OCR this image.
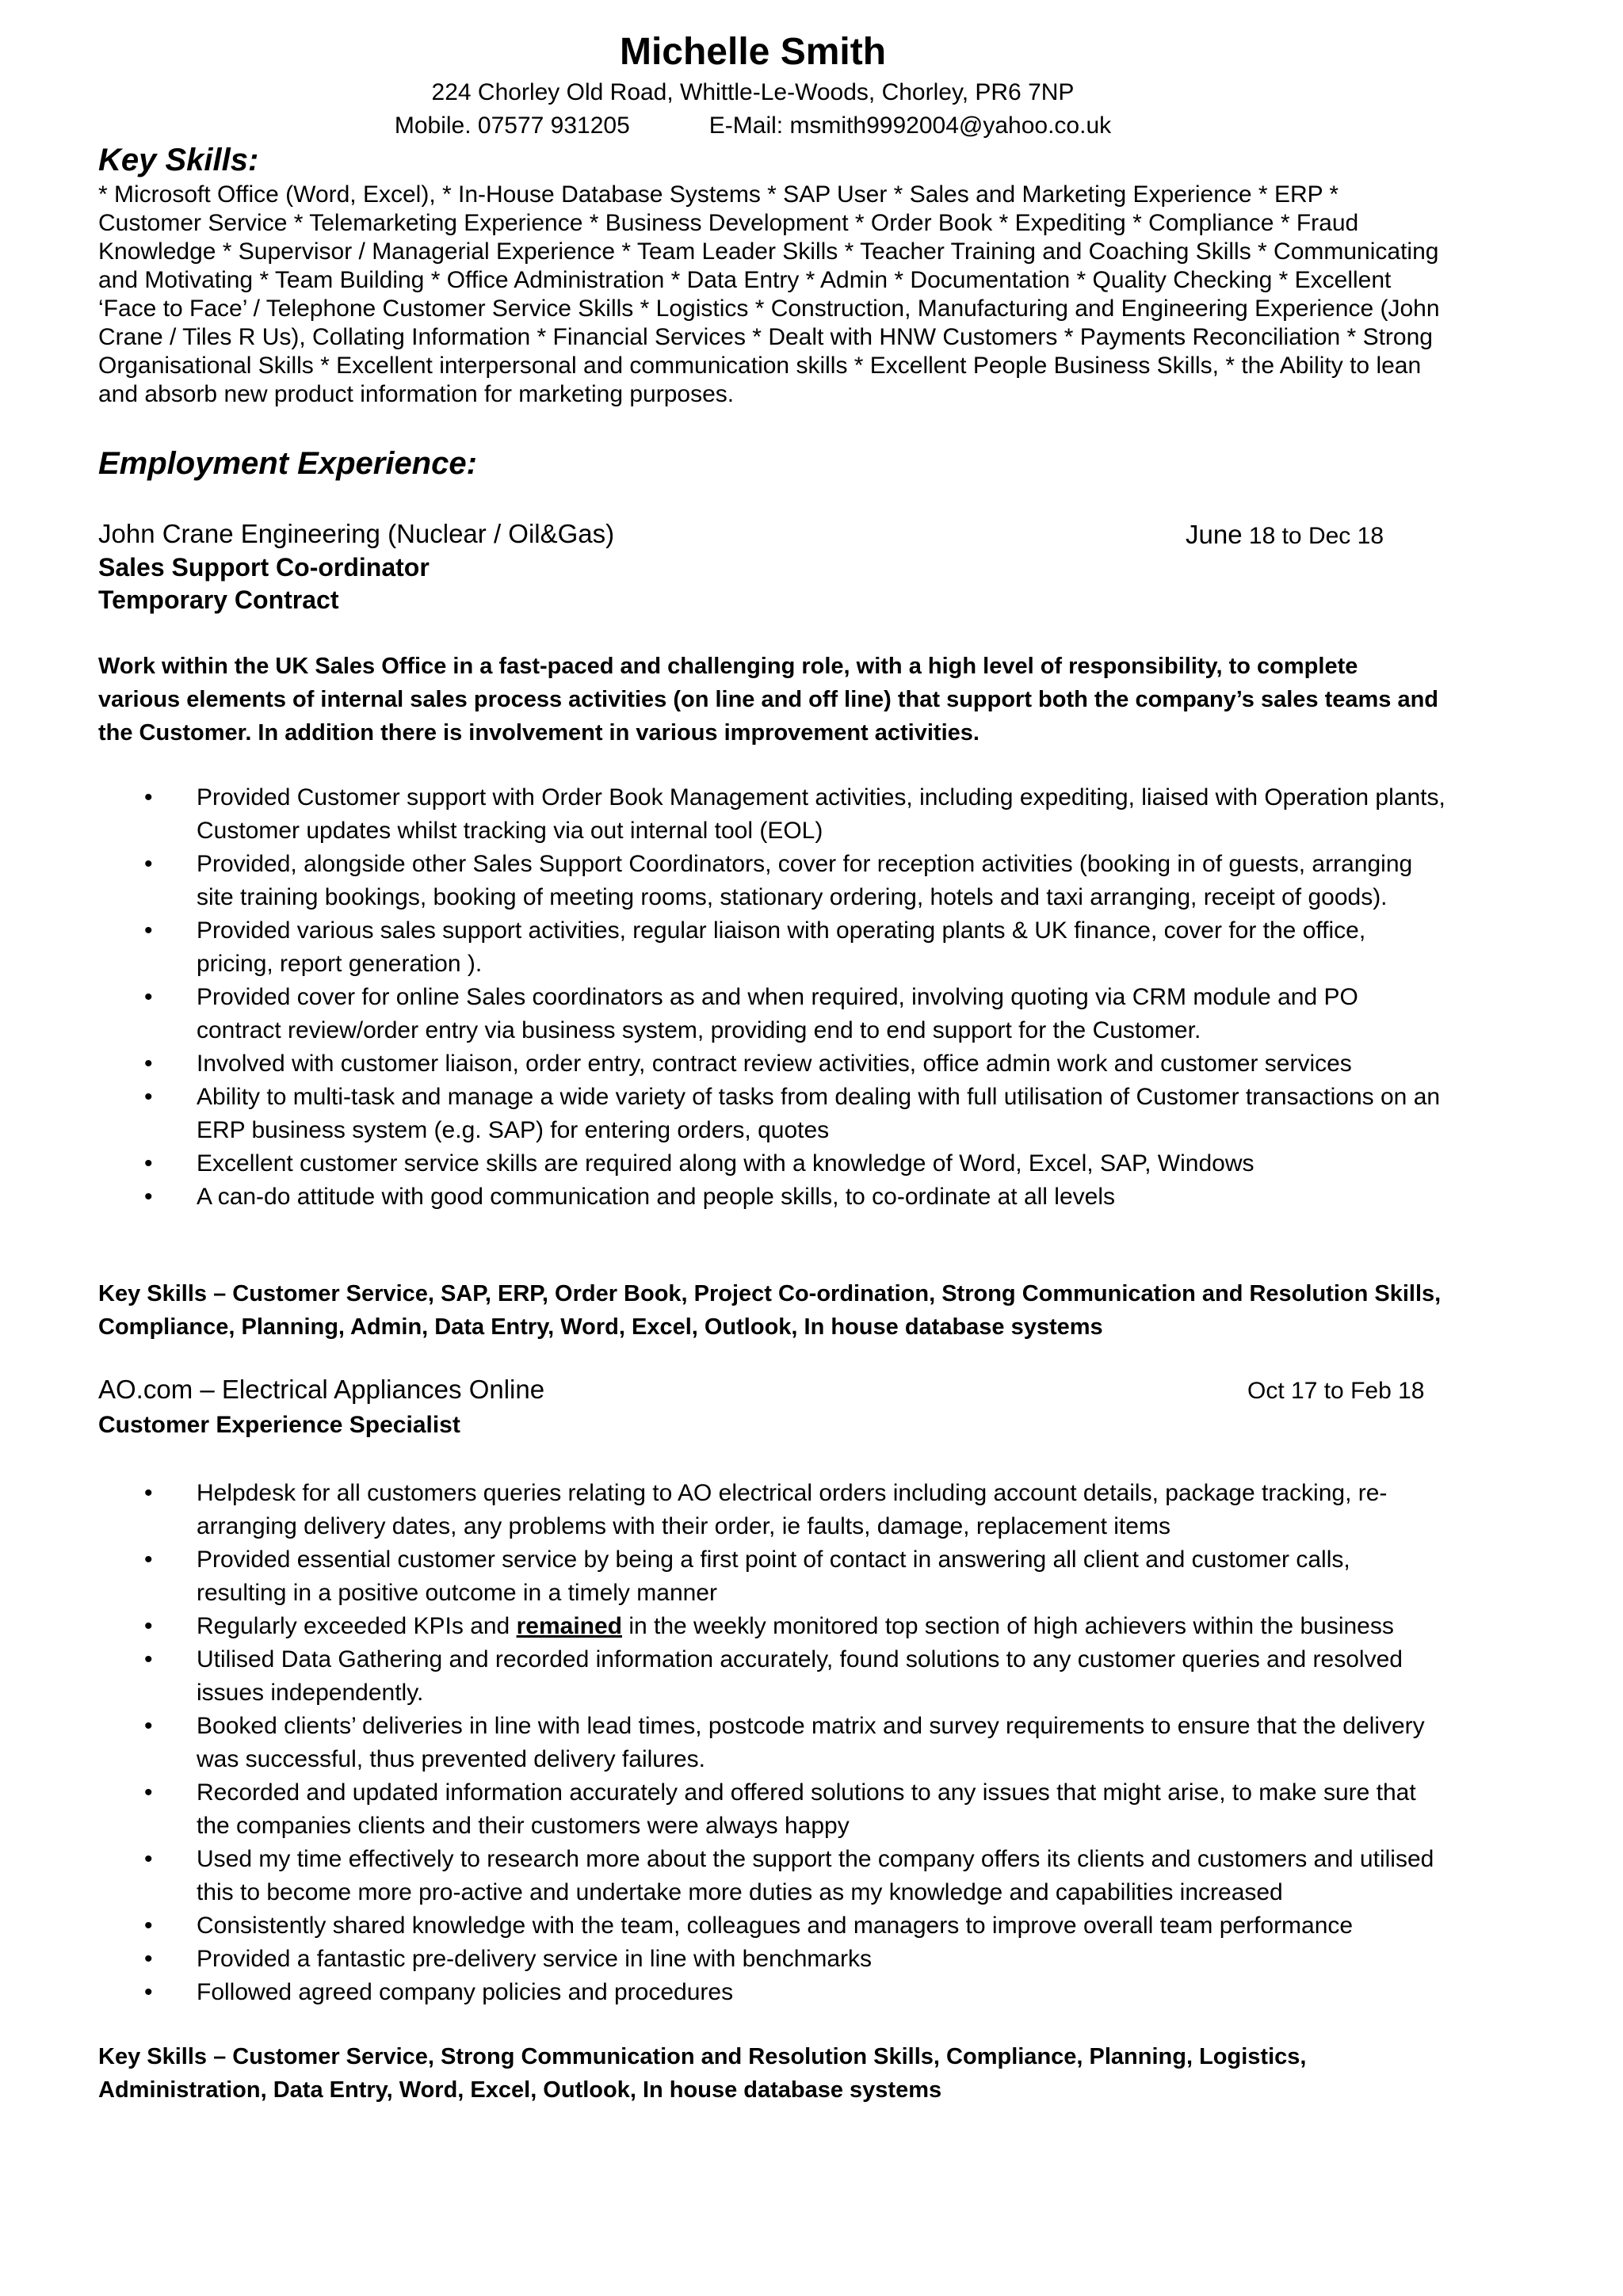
Michelle Smith
224 Chorley Old Road, Whittle-Le-Woods, Chorley, PR6 7NP
Mobile. 07577 931205	E-Mail: msmith9992004@yahoo.co.uk
Key Skills:
* Microsoft Office (Word, Excel), * In-House Database Systems * SAP User * Sales and Marketing Experience * ERP * Customer Service * Telemarketing Experience * Business Development * Order Book * Expediting * Compliance * Fraud Knowledge * Supervisor / Managerial Experience * Team Leader Skills * Teacher Training and Coaching Skills * Communicating and Motivating * Team Building * Office Administration * Data Entry * Admin * Documentation * Quality Checking * Excellent ‘Face to Face’ / Telephone Customer Service Skills * Logistics * Construction, Manufacturing and Engineering Experience (John Crane / Tiles R Us), Collating Information * Financial Services * Dealt with HNW Customers * Payments Reconciliation * Strong Organisational Skills * Excellent interpersonal and communication skills * Excellent People Business Skills, * the Ability to lean and absorb new product information for marketing purposes.
Employment Experience:
John Crane Engineering (Nuclear / Oil&Gas)	June 18 to Dec 18
Sales Support Co-ordinator
Temporary Contract
Work within the UK Sales Office in a fast-paced and challenging role, with a high level of responsibility, to complete various elements of internal sales process activities (on line and off line) that support both the company’s sales teams and the Customer. In addition there is involvement in various improvement activities.
• Provided Customer support with Order Book Management activities, including expediting, liaised with Operation plants, Customer updates whilst tracking via out internal tool (EOL)
• Provided, alongside other Sales Support Coordinators, cover for reception activities (booking in of guests, arranging site training bookings, booking of meeting rooms, stationary ordering, hotels and taxi arranging, receipt of goods).
• Provided various sales support activities, regular liaison with operating plants & UK finance, cover for the office, pricing, report generation ).
• Provided cover for online Sales coordinators as and when required, involving quoting via CRM module and PO contract review/order entry via business system, providing end to end support for the Customer.
• Involved with customer liaison, order entry, contract review activities, office admin work and customer services
• Ability to multi-task and manage a wide variety of tasks from dealing with full utilisation of Customer transactions on an ERP business system (e.g. SAP) for entering orders, quotes
• Excellent customer service skills are required along with a knowledge of Word, Excel, SAP, Windows
• A can-do attitude with good communication and people skills, to co-ordinate at all levels
Key Skills – Customer Service, SAP, ERP, Order Book, Project Co-ordination, Strong Communication and Resolution Skills, Compliance, Planning, Admin, Data Entry, Word, Excel, Outlook, In house database systems
AO.com – Electrical Appliances Online	Oct 17 to Feb 18
Customer Experience Specialist
• Helpdesk for all customers queries relating to AO electrical orders including account details, package tracking, re-arranging delivery dates, any problems with their order, ie faults, damage, replacement items
• Provided essential customer service by being a first point of contact in answering all client and customer calls, resulting in a positive outcome in a timely manner
• Regularly exceeded KPIs and remained in the weekly monitored top section of high achievers within the business
• Utilised Data Gathering and recorded information accurately, found solutions to any customer queries and resolved issues independently.
• Booked clients’ deliveries in line with lead times, postcode matrix and survey requirements to ensure that the delivery was successful, thus prevented delivery failures.
• Recorded and updated information accurately and offered solutions to any issues that might arise, to make sure that the companies clients and their customers were always happy
• Used my time effectively to research more about the support the company offers its clients and customers and utilised this to become more pro-active and undertake more duties as my knowledge and capabilities increased
• Consistently shared knowledge with the team, colleagues and managers to improve overall team performance
• Provided a fantastic pre-delivery service in line with benchmarks
• Followed agreed company policies and procedures
Key Skills – Customer Service, Strong Communication and Resolution Skills, Compliance, Planning, Logistics, Administration, Data Entry, Word, Excel, Outlook, In house database systems
